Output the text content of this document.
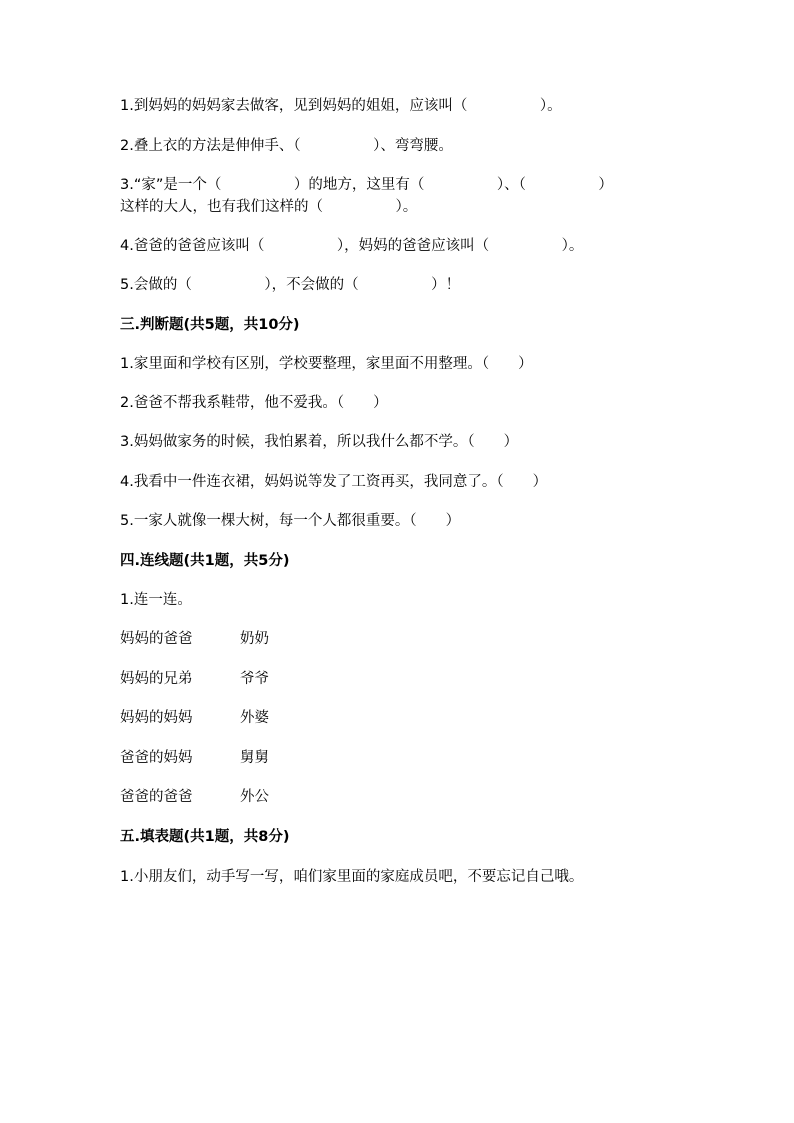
1.到妈妈的妈妈家去做客，见到妈妈的姐姐，应该叫（　　　　　）。
2.叠上衣的方法是伸伸手、（　　　　　）、弯弯腰。
3.“家”是一个（　　　　　）的地方，这里有（　　　　　）、（　　　　　）
这样的大人，也有我们这样的（　　　　　）。
4.爸爸的爸爸应该叫（　　　　　），妈妈的爸爸应该叫（　　　　　）。
5.会做的（　　　　　），不会做的（　　　　　）！
三.判断题(共5题，共10分)
1.家里面和学校有区别，学校要整理，家里面不用整理。（　　）
2.爸爸不帮我系鞋带，他不爱我。（　　）
3.妈妈做家务的时候，我怕累着，所以我什么都不学。（　　）
4.我看中一件连衣裙，妈妈说等发了工资再买，我同意了。（　　）
5.一家人就像一棵大树，每一个人都很重要。（　　）
四.连线题(共1题，共5分)
1.连一连。
妈妈的爸爸	奶奶
妈妈的兄弟	爷爷
妈妈的妈妈	外婆
爸爸的妈妈	舅舅
爸爸的爸爸	外公
五.填表题(共1题，共8分)
1.小朋友们，动手写一写，咱们家里面的家庭成员吧，不要忘记自己哦。
